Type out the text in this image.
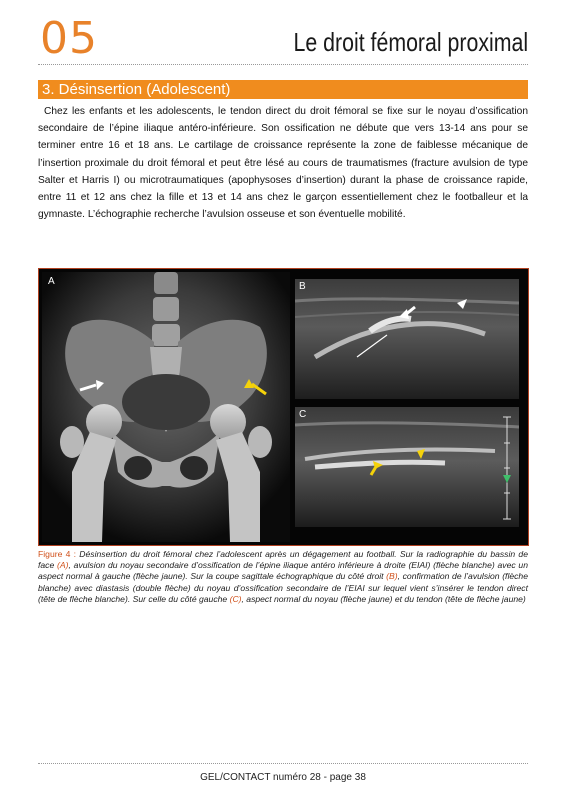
05	Le droit fémoral proximal
3. Désinsertion (Adolescent)

Chez les enfants et les adolescents, le tendon direct du droit fémoral se fixe sur le noyau d’ossification secondaire de l’épine iliaque antéro-inférieure. Son ossification ne débute que vers 13-14 ans pour se terminer entre 16 et 18 ans. Le cartilage de croissance représente la zone de faiblesse mécanique de l’insertion proximale du droit fémoral et peut être lésé au cours de traumatismes (fracture avulsion de type Salter et Harris I) ou microtraumatiques (apophysoses d’insertion) durant la phase de croissance rapide, entre 11 et 12 ans chez la fille et 13 et 14 ans chez le garçon essentiellement chez le footballeur et la gymnaste. L’échographie recherche l’avulsion osseuse et son éventuelle mobilité.

A	B
C
Figure 4 : Désinsertion du droit fémoral chez l’adolescent après un dégagement au football. Sur la radiographie du bassin de face (A), avulsion du noyau secondaire d’ossification de l’épine iliaque antéro inférieure à droite (EIAI) (flèche blanche) avec un aspect normal à gauche (flèche jaune). Sur la coupe sagittale échographique du côté droit (B), confirmation de l’avulsion (flèche blanche) avec diastasis (double flèche) du noyau d’ossification secondaire de l’EIAI sur lequel vient s’insérer le tendon direct (tête de flèche blanche). Sur celle du côté gauche (C), aspect normal du noyau (flèche jaune) et du tendon (tête de flèche jaune)
GEL/CONTACT numéro 28 - page 38
